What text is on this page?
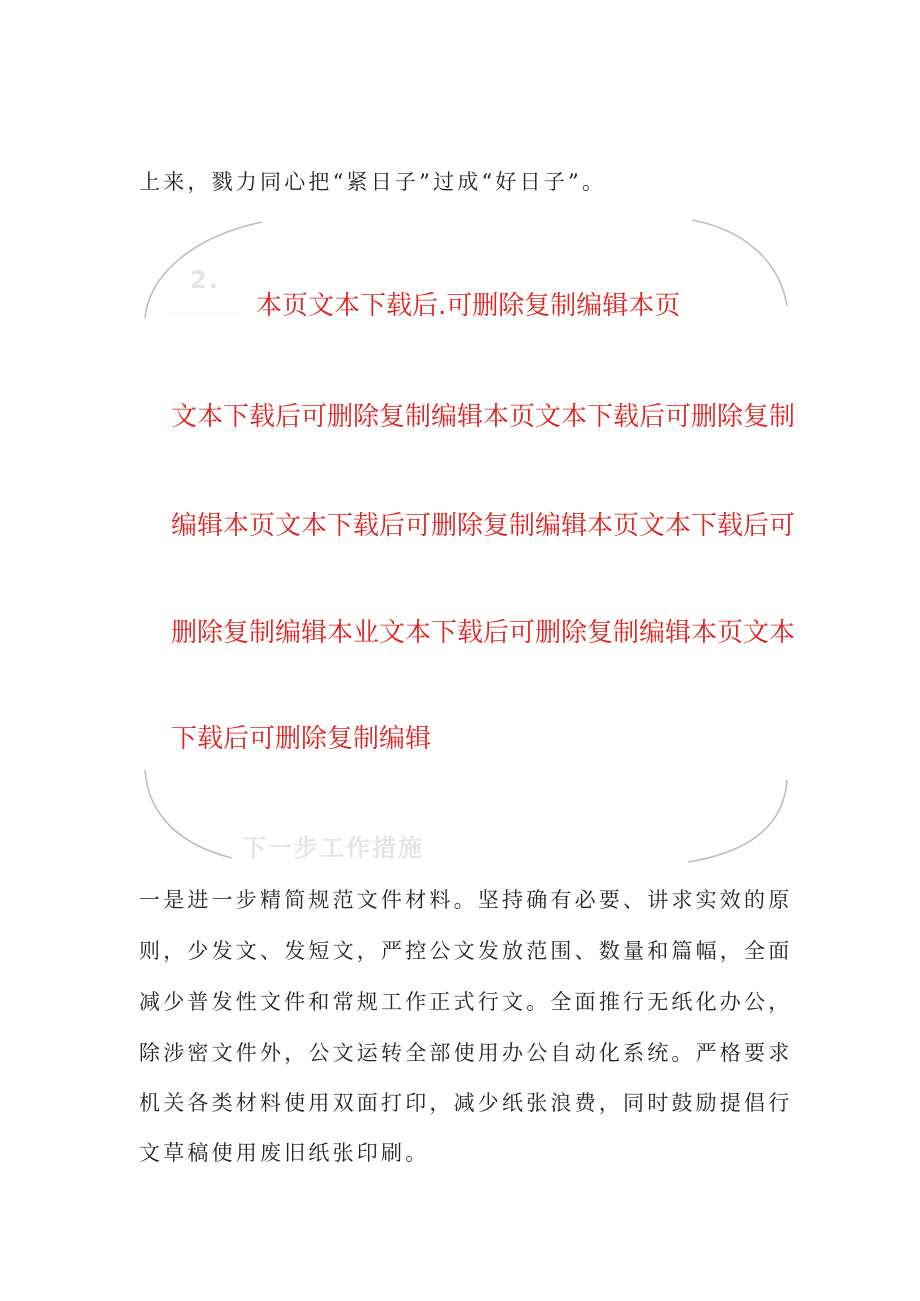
上来，戮力同心把“紧日子”过成“好日子”。
2.
本页文本下载后.可删除复制编辑本页
文本下载后可删除复制编辑本页文本下载后可删除复制
编辑本页文本下载后可删除复制编辑本页文本下载后可
删除复制编辑本业文本下载后可删除复制编辑本页文本
下载后可删除复制编辑
下一步工作措施
一是进一步精简规范文件材料。坚持确有必要、讲求实效的原
则，少发文、发短文，严控公文发放范围、数量和篇幅，全面
减少普发性文件和常规工作正式行文。全面推行无纸化办公，
除涉密文件外，公文运转全部使用办公自动化系统。严格要求
机关各类材料使用双面打印，减少纸张浪费，同时鼓励提倡行
文草稿使用废旧纸张印刷。
